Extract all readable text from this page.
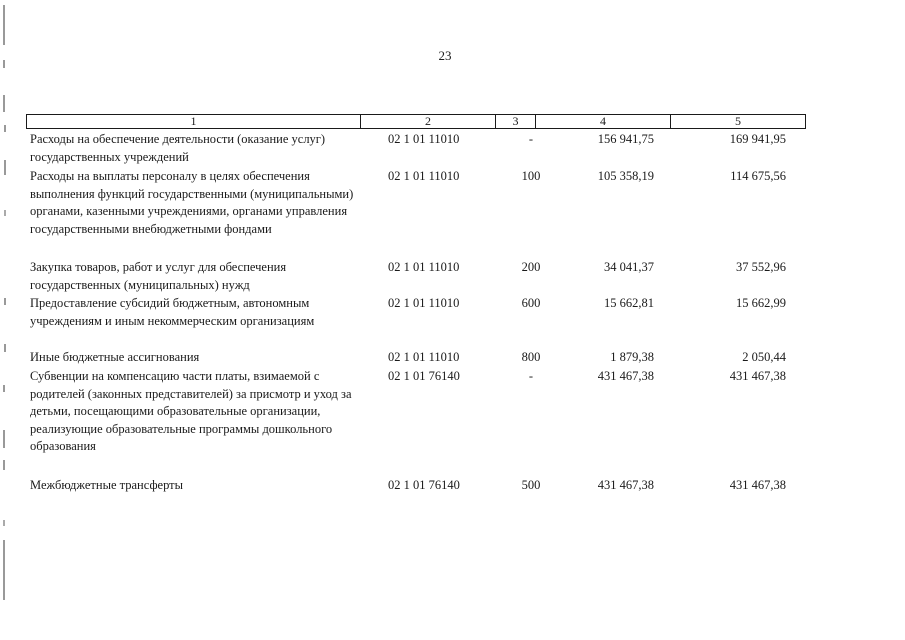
23
1	2	3	4	5
Расходы на обеспечение деятельности (оказание услуг) государственных учреждений
02 1 01 11010	-	156 941,75	169 941,95
Расходы на выплаты персоналу в целях обеспечения выполнения функций государственными (муниципальными) органами, казенными учреждениями, органами управления государственными внебюджетными фондами
02 1 01 11010	100	105 358,19	114 675,56
Закупка товаров, работ и услуг для обеспечения государственных (муниципальных) нужд
02 1 01 11010	200	34 041,37	37 552,96
Предоставление субсидий бюджетным, автономным учреждениям и иным некоммерческим организациям
02 1 01 11010	600	15 662,81	15 662,99
Иные бюджетные ассигнования	02 1 01 11010	800	1 879,38	2 050,44
Субвенции на компенсацию части платы, взимаемой с родителей (законных представителей) за присмотр и уход за детьми, посещающими образовательные организации, реализующие образовательные программы дошкольного образования
02 1 01 76140	-	431 467,38	431 467,38
Межбюджетные трансферты	02 1 01 76140	500	431 467,38	431 467,38
